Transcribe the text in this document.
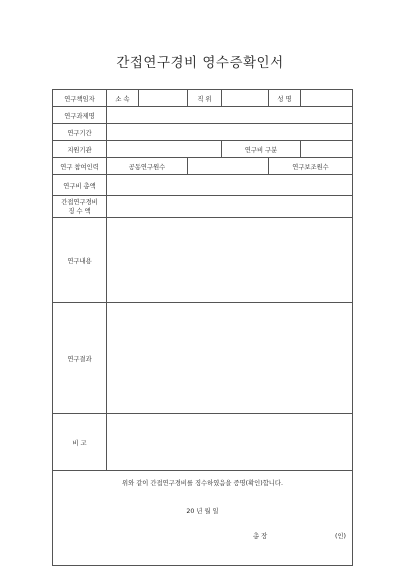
간접연구경비 영수증확인서
연구책임자	소 속		직 위		성 명	
연구과제명						
연구기간						
지원기관				연구비 구분		
연구 참여인력	공동연구원수				연구보조원수	
연구비 총액						

간접연구경비
징 수 액						

연구내용						
연구결과						
비 고						

위와 같이 간접연구경비를 징수하였음을 증명(확인)합니다.
20 년 월 일
총 장 (인)						
